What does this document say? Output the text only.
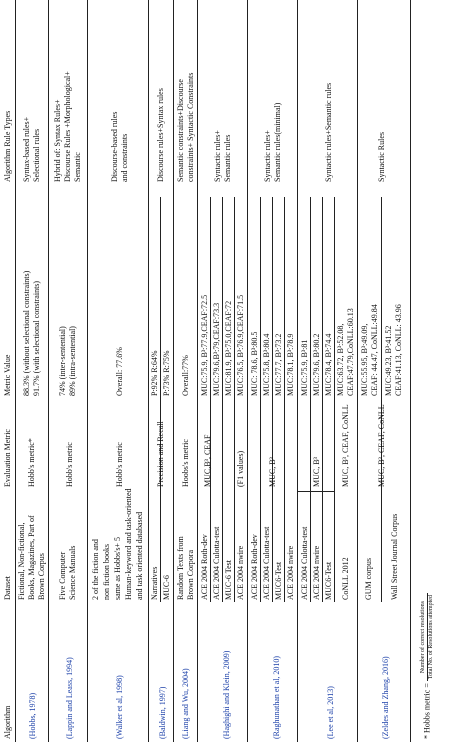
Algorithm
Dataset
Evaluation Metric
Metric Value
Algorithm Rule Types
(Hobbs, 1978)
Fictional, Non-fictional, Books, Magazines, Part of Brown Corpus
Hobb's metric*
88.3% (without selectional constraints) 91.7% (with selectional constraints)
Syntax-based rules+ Selectional rules
(Lappin and Leass, 1994)
Five Computer Science Manuals
Hobb's metric
74% (inter-sentential) 89% (intra-sentential)
Hybrid of: Syntax Rules+ Discourse Rules +Morphological+ Semantic
(Walker et al, 1998)
2 of the fiction and non fiction books same as Hobbs's+ 5 Human-keyword and task-oriented and task oriented databased
Hobb's metric
Overall: 77.6%
Discourse-based rules and constraints
(Baldwin, 1997)
Narratives MUC-6
Precision and Recall
P:92% R:64% P:73% R:75%
Discourse rules+Syntax rules
(Liang and Wu, 2004)
Random Texts from Brown Corpora
Hoobs's metric
Overall:77%
Semantic constraints+Discourse constraints+ Syntactic Constraints
(Haghighi and Klein, 2009)
ACE 2004 Roth-dev ACE 2004 Culotta-test MUC-6 Test ACE 2004 nwire
MUC,B³, CEAF	(F1 values)
MUC:75.9, B³:77.9,CEAF:72.5 MUC:79.6,B³:79,CEAF:73.3 MUC:81.9, B³:75.0,CEAF:72 MUC:76.5, B³:76.9,CEAF:71.5
Syntactic rules+ Semantic rules
(Raghunathan et al, 2010)
ACE 2004 Roth-dev ACE 2004 Culotta-test MUC6-Test ACE 2004 nwire
MUC, B³
MUC: 78.6, B³:80.5 MUC:75.8, B³:80.4 MUC:77.7, B³:73.2 MUC:78.1, B³:78.9
Syntactic rules+ Semantic rules(minimal)
(Lee et al, 2013)
ACE 2004 Culotta-test ACE 2004 nwire MUC6-Test CoNLL 2012
MUC, B³	MUC, B³, CEAF, CoNLL
MUC:75.9, B³:81 MUC:79.6, B³:80.2 MUC:78.4, B³:74.4 MUC:63.72, B³:52.08, CEAF:47.79,CoNLL:60.13
Syntactic rules+Semantic rules
(Zeldes and Zhang, 2016)
GUM corpus Wall Street Journal Corpus
MUC, B³, CEAF, CoNLL
MUC:55.95, B³:49.09, CEAF: 44.47, CoNLL:49.84 MUC:49.23, B³:41.52 CEAF:41.13, CoNLL: 43.96
Syntactic Rules
* Hobbs metric =
Number of correct resolutions Total No. of Resolutions attempted
